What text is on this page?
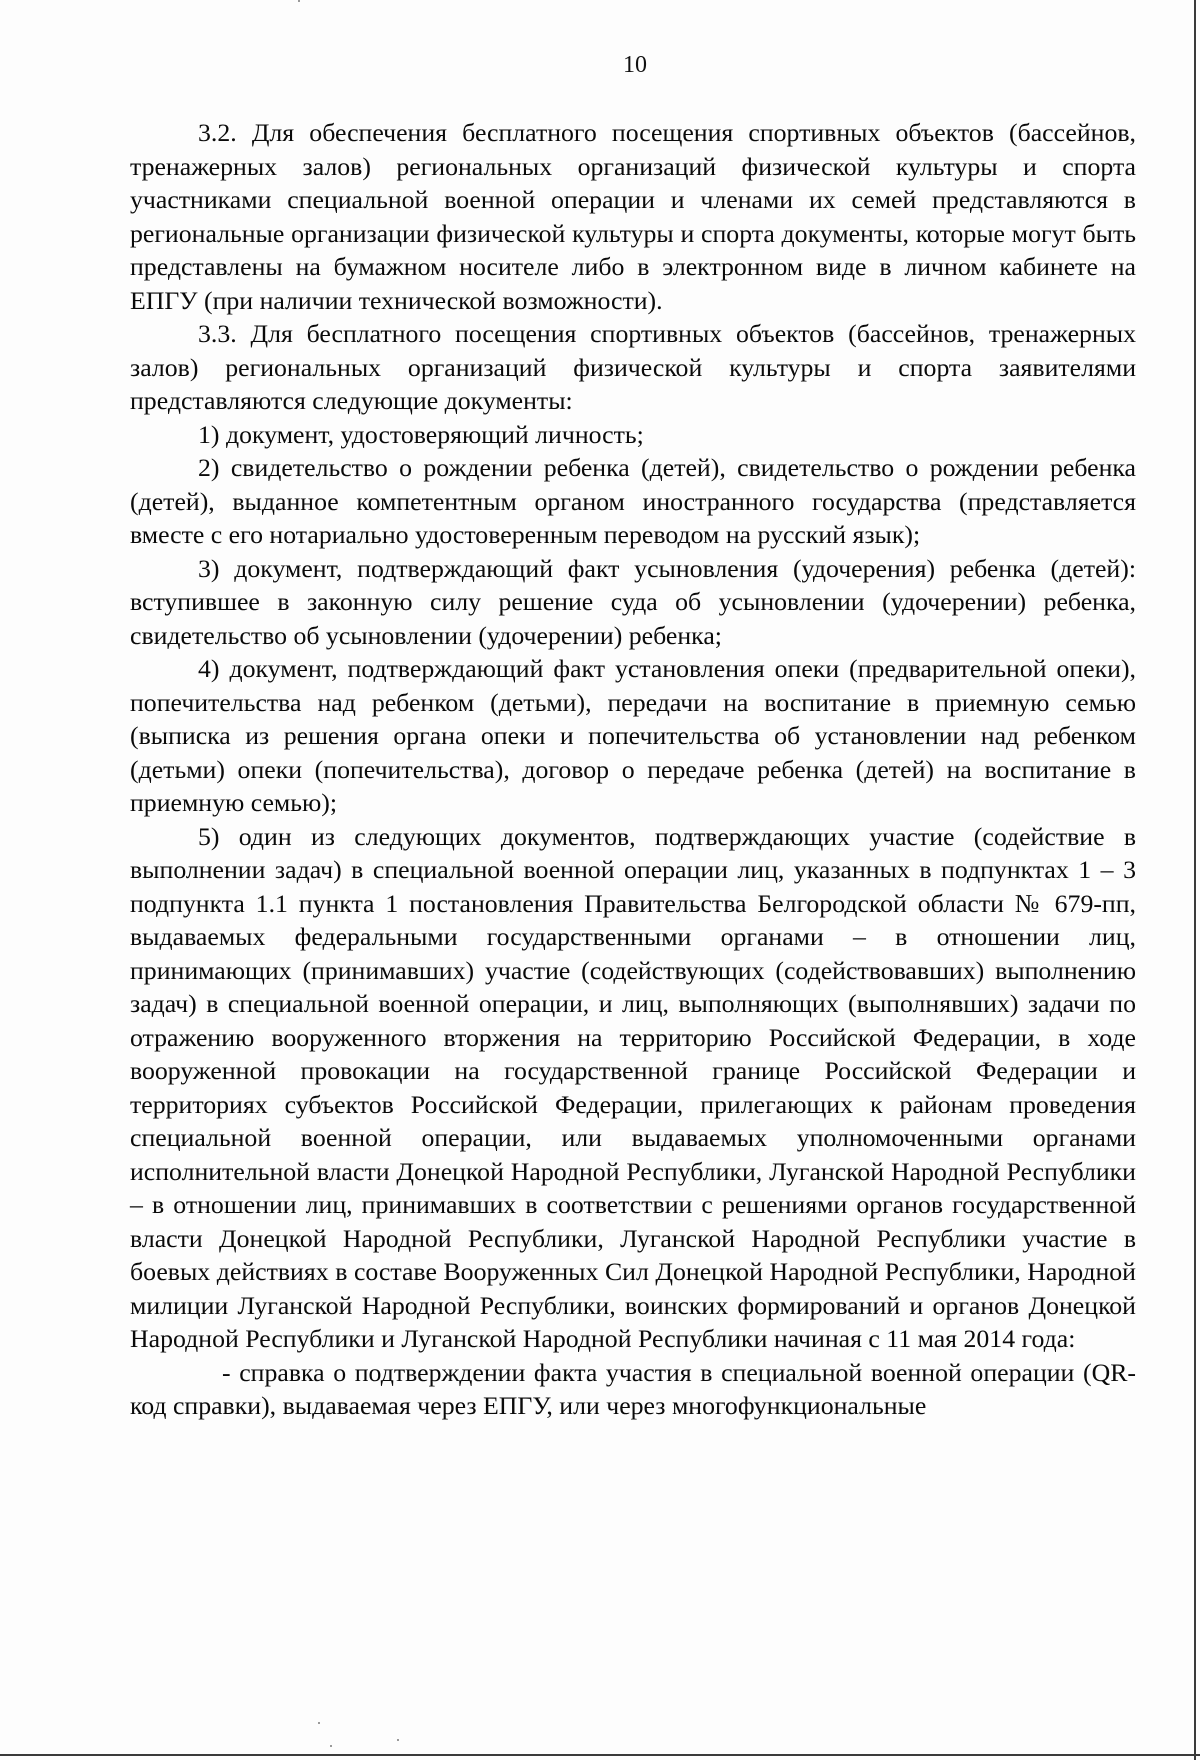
10

3.2. Для обеспечения бесплатного посещения спортивных объектов (бассейнов, тренажерных залов) региональных организаций физической культуры и спорта участниками специальной военной операции и членами их семей представляются в региональные организации физической культуры и спорта документы, которые могут быть представлены на бумажном носителе либо в электронном виде в личном кабинете на ЕПГУ (при наличии технической возможности).

3.3. Для бесплатного посещения спортивных объектов (бассейнов, тренажерных залов) региональных организаций физической культуры и спорта заявителями представляются следующие документы:

1) документ, удостоверяющий личность;

2) свидетельство о рождении ребенка (детей), свидетельство о рождении ребенка (детей), выданное компетентным органом иностранного государства (представляется вместе с его нотариально удостоверенным переводом на русский язык);

3) документ, подтверждающий факт усыновления (удочерения) ребенка (детей): вступившее в законную силу решение суда об усыновлении (удочерении) ребенка, свидетельство об усыновлении (удочерении) ребенка;

4) документ, подтверждающий факт установления опеки (предварительной опеки), попечительства над ребенком (детьми), передачи на воспитание в приемную семью (выписка из решения органа опеки и попечительства об установлении над ребенком (детьми) опеки (попечительства), договор о передаче ребенка (детей) на воспитание в приемную семью);

5) один из следующих документов, подтверждающих участие (содействие в выполнении задач) в специальной военной операции лиц, указанных в подпунктах 1 – 3 подпункта 1.1 пункта 1 постановления Правительства Белгородской области № 679-пп, выдаваемых федеральными государственными органами – в отношении лиц, принимающих (принимавших) участие (содействующих (содействовавших) выполнению задач) в специальной военной операции, и лиц, выполняющих (выполнявших) задачи по отражению вооруженного вторжения на территорию Российской Федерации, в ходе вооруженной провокации на государственной границе Российской Федерации и территориях субъектов Российской Федерации, прилегающих к районам проведения специальной военной операции, или выдаваемых уполномоченными органами исполнительной власти Донецкой Народной Республики, Луганской Народной Республики – в отношении лиц, принимавших в соответствии с решениями органов государственной власти Донецкой Народной Республики, Луганской Народной Республики участие в боевых действиях в составе Вооруженных Сил Донецкой Народной Республики, Народной милиции Луганской Народной Республики, воинских формирований и органов Донецкой Народной Республики и Луганской Народной Республики начиная с 11 мая 2014 года:

- справка о подтверждении факта участия в специальной военной операции (QR-код справки), выдаваемая через ЕПГУ, или через многофункциональные
